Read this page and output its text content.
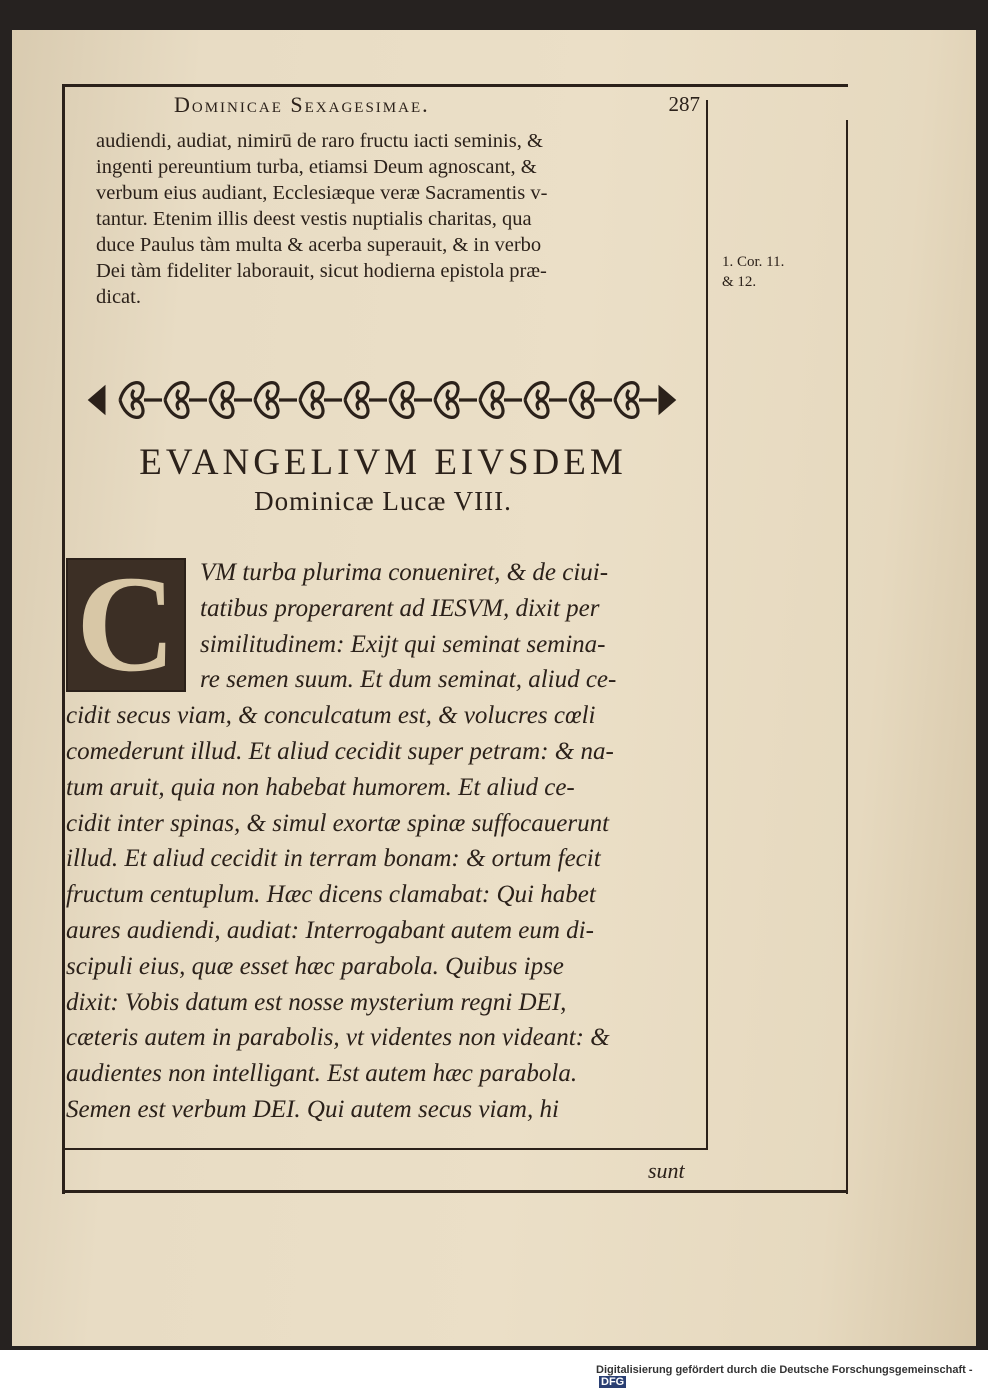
Dominicae Sexagesimae.	287
audiendi, audiat, nimirū de raro fructu iacti seminis, &
ingenti pereuntium turba, etiamsi Deum agnoscant, &
verbum eius audiant, Ecclesiæque veræ Sacramentis v-
tantur. Etenim illis deest vestis nuptialis charitas, qua
duce Paulus tàm multa & acerba superauit, & in verbo
Dei tàm fideliter laborauit, sicut hodierna epistola præ-
dicat.
1. Cor. 11.
& 12.
EVANGELIVM EIVSDEM
Dominicæ Lucæ VIII.
C VM turba plurima conueniret, & de ciui-
tatibus properarent ad IESVM, dixit per
similitudinem: Exijt qui seminat semina-
re semen suum. Et dum seminat, aliud ce-
cidit secus viam, & conculcatum est, & volucres cœli
comederunt illud. Et aliud cecidit super petram: & na-
tum aruit, quia non habebat humorem. Et aliud ce-
cidit inter spinas, & simul exortæ spinæ suffocauerunt
illud. Et aliud cecidit in terram bonam: & ortum fecit
fructum centuplum. Hæc dicens clamabat: Qui habet
aures audiendi, audiat: Interrogabant autem eum di-
scipuli eius, quæ esset hæc parabola. Quibus ipse
dixit: Vobis datum est nosse mysterium regni DEI,
cæteris autem in parabolis, vt videntes non videant: &
audientes non intelligant. Est autem hæc parabola.
Semen est verbum DEI. Qui autem secus viam, hi
sunt
Digitalisierung gefördert durch die Deutsche Forschungsgemeinschaft -DFG
